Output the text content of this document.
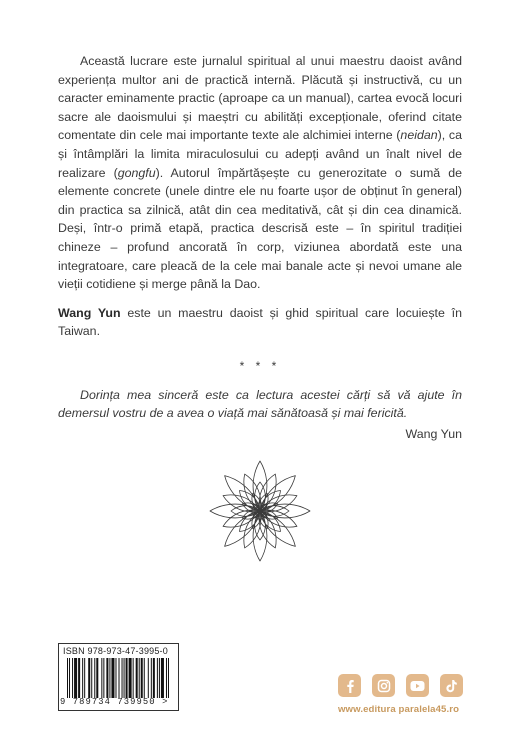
Această lucrare este jurnalul spiritual al unui maestru daoist având experiența multor ani de practică internă. Plăcută și instructivă, cu un caracter eminamente practic (aproape ca un manual), cartea evocă locuri sacre ale daoismului și maeștri cu abilități excepționale, oferind citate comentate din cele mai importante texte ale alchimiei interne (neidan), ca și întâmplări la limita miraculosului cu adepți având un înalt nivel de realizare (gongfu). Autorul împărtășește cu generozitate o sumă de elemente concrete (unele dintre ele nu foarte ușor de obținut în general) din practica sa zilnică, atât din cea meditativă, cât și din cea dinamică. Deși, într-o primă etapă, practica descrisă este – în spiritul tradiției chineze – profund ancorată în corp, viziunea abordată este una integratoare, care pleacă de la cele mai banale acte și nevoi umane ale vieții cotidiene și merge până la Dao.

Wang Yun este un maestru daoist și ghid spiritual care locuiește în Taiwan.

* * *

Dorința mea sinceră este ca lectura acestei cărți să vă ajute în demersul vostru de a avea o viață mai sănătoasă și mai fericită.

Wang Yun

ISBN 978-973-47-3995-0
9 789734 739950 >
www.editura paralela45.ro
